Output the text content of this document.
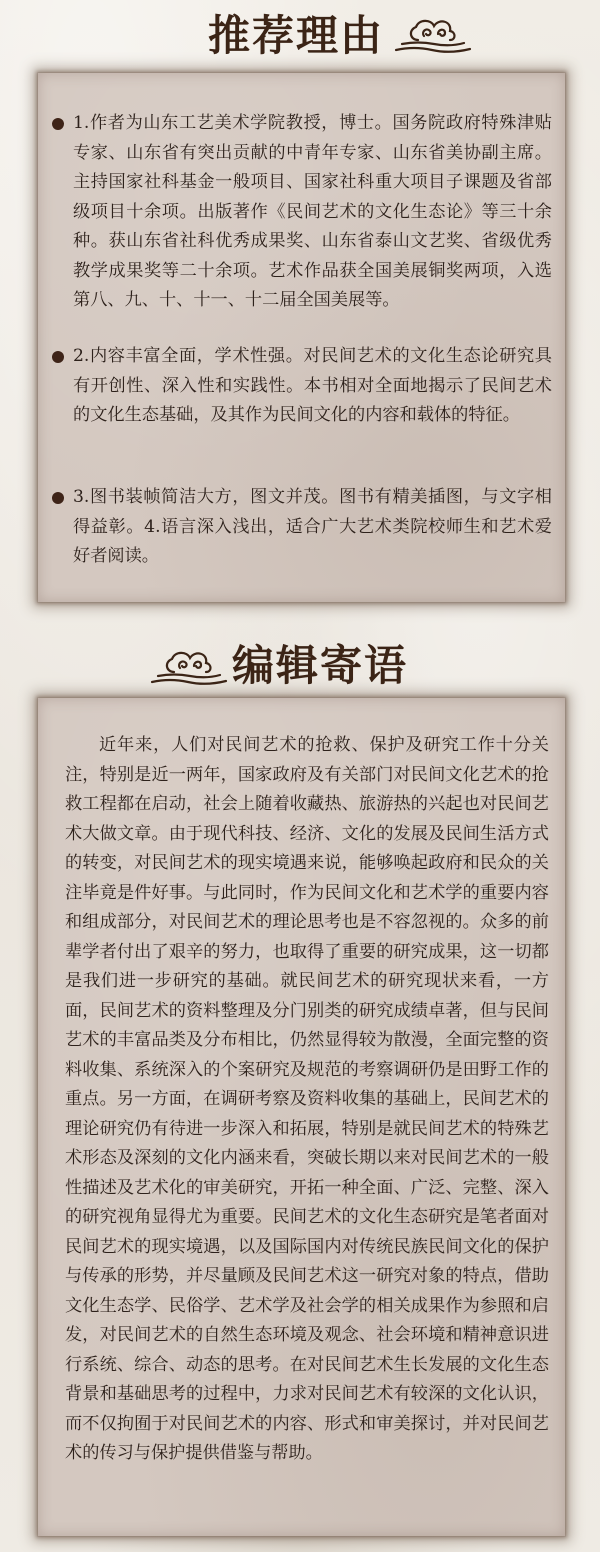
推荐理由

1.作者为山东工艺美术学院教授，博士。国务院政府特殊津贴专家、山东省有突出贡献的中青年专家、山东省美协副主席。主持国家社科基金一般项目、国家社科重大项目子课题及省部级项目十余项。出版著作《民间艺术的文化生态论》等三十余种。获山东省社科优秀成果奖、山东省泰山文艺奖、省级优秀教学成果奖等二十余项。艺术作品获全国美展铜奖两项，入选第八、九、十、十一、十二届全国美展等。

2.内容丰富全面，学术性强。对民间艺术的文化生态论研究具有开创性、深入性和实践性。本书相对全面地揭示了民间艺术的文化生态基础，及其作为民间文化的内容和载体的特征。

3.图书装帧简洁大方，图文并茂。图书有精美插图，与文字相得益彰。4.语言深入浅出，适合广大艺术类院校师生和艺术爱好者阅读。

编辑寄语

近年来，人们对民间艺术的抢救、保护及研究工作十分关注，特别是近一两年，国家政府及有关部门对民间文化艺术的抢救工程都在启动，社会上随着收藏热、旅游热的兴起也对民间艺术大做文章。由于现代科技、经济、文化的发展及民间生活方式的转变，对民间艺术的现实境遇来说，能够唤起政府和民众的关注毕竟是件好事。与此同时，作为民间文化和艺术学的重要内容和组成部分，对民间艺术的理论思考也是不容忽视的。众多的前辈学者付出了艰辛的努力，也取得了重要的研究成果，这一切都是我们进一步研究的基础。就民间艺术的研究现状来看，一方面，民间艺术的资料整理及分门别类的研究成绩卓著，但与民间艺术的丰富品类及分布相比，仍然显得较为散漫，全面完整的资料收集、系统深入的个案研究及规范的考察调研仍是田野工作的重点。另一方面，在调研考察及资料收集的基础上，民间艺术的理论研究仍有待进一步深入和拓展，特别是就民间艺术的特殊艺术形态及深刻的文化内涵来看，突破长期以来对民间艺术的一般性描述及艺术化的审美研究，开拓一种全面、广泛、完整、深入的研究视角显得尤为重要。民间艺术的文化生态研究是笔者面对民间艺术的现实境遇，以及国际国内对传统民族民间文化的保护与传承的形势，并尽量顾及民间艺术这一研究对象的特点，借助文化生态学、民俗学、艺术学及社会学的相关成果作为参照和启发，对民间艺术的自然生态环境及观念、社会环境和精神意识进行系统、综合、动态的思考。在对民间艺术生长发展的文化生态背景和基础思考的过程中，力求对民间艺术有较深的文化认识，而不仅拘囿于对民间艺术的内容、形式和审美探讨，并对民间艺术的传习与保护提供借鉴与帮助。
